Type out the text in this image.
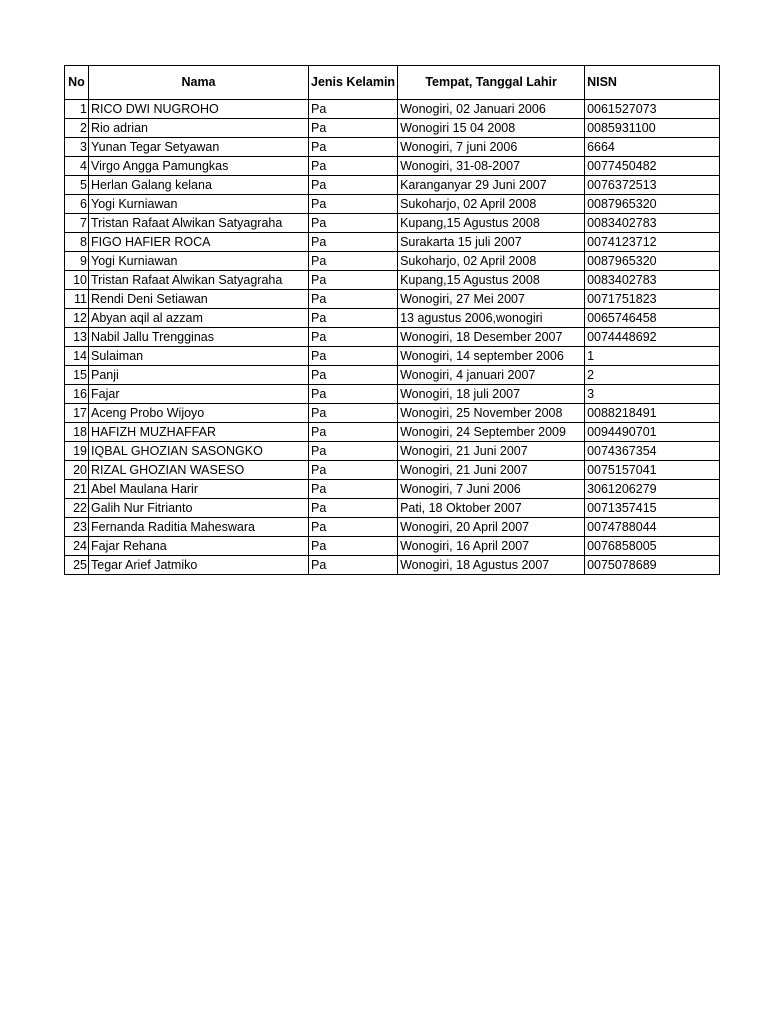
No	Nama	Jenis Kelamin	Tempat, Tanggal Lahir	NISN
1	RICO DWI NUGROHO	Pa	Wonogiri, 02 Januari 2006	0061527073
2	Rio adrian	Pa	Wonogiri 15 04 2008	0085931100
3	Yunan Tegar Setyawan	Pa	Wonogiri, 7 juni 2006	6664
4	Virgo Angga Pamungkas	Pa	Wonogiri, 31-08-2007	0077450482
5	Herlan Galang kelana	Pa	Karanganyar 29 Juni 2007	0076372513
6	Yogi Kurniawan	Pa	Sukoharjo, 02 April 2008	0087965320
7	Tristan Rafaat Alwikan Satyagraha	Pa	Kupang,15 Agustus 2008	0083402783
8	FIGO HAFIER ROCA	Pa	Surakarta 15 juli 2007	0074123712
9	Yogi Kurniawan	Pa	Sukoharjo, 02 April 2008	0087965320
10	Tristan Rafaat Alwikan Satyagraha	Pa	Kupang,15 Agustus 2008	0083402783
11	Rendi Deni Setiawan	Pa	Wonogiri, 27 Mei 2007	0071751823
12	Abyan aqil al azzam	Pa	13 agustus 2006,wonogiri	0065746458
13	Nabil Jallu Trengginas	Pa	Wonogiri, 18 Desember 2007	0074448692
14	Sulaiman	Pa	Wonogiri, 14 september 2006	1
15	Panji	Pa	Wonogiri, 4 januari 2007	2
16	Fajar	Pa	Wonogiri, 18 juli 2007	3
17	Aceng Probo Wijoyo	Pa	Wonogiri, 25 November 2008	0088218491
18	HAFIZH MUZHAFFAR	Pa	Wonogiri, 24 September 2009	0094490701
19	IQBAL GHOZIAN SASONGKO	Pa	Wonogiri, 21 Juni 2007	0074367354
20	RIZAL GHOZIAN WASESO	Pa	Wonogiri, 21 Juni 2007	0075157041
21	Abel Maulana Harir	Pa	Wonogiri, 7 Juni 2006	3061206279
22	Galih Nur Fitrianto	Pa	Pati, 18 Oktober 2007	0071357415
23	Fernanda Raditia Maheswara	Pa	Wonogiri, 20 April 2007	0074788044
24	Fajar Rehana	Pa	Wonogiri, 16 April 2007	0076858005
25	Tegar Arief Jatmiko	Pa	Wonogiri, 18 Agustus 2007	0075078689
